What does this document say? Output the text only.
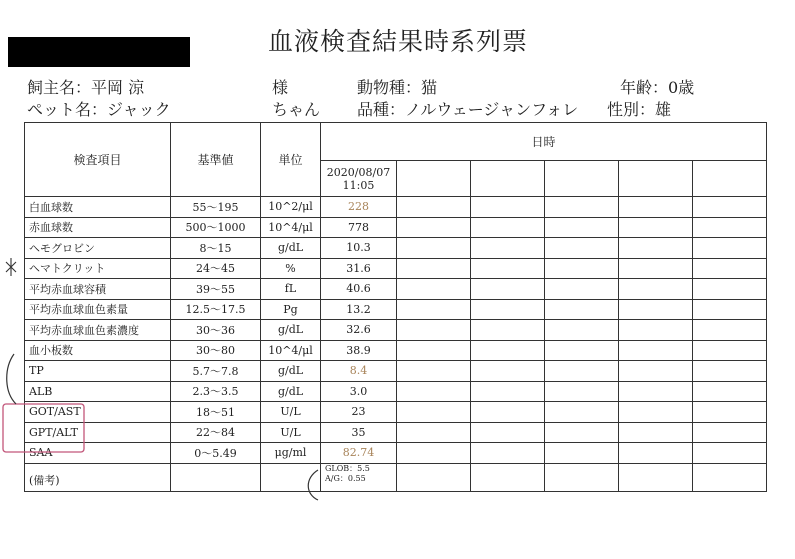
血液検査結果時系列票
飼主名：平岡 涼	様	動物種：猫	年齢：0歳
ペット名：ジャック	ちゃん 品種：ノルウェージャンフォレ 性別：雄
検査項目	基準値	単位	日時					

			2020/08/07
11:05					

白血球数	55～195	10^2/μl	228					
赤血球数	500～1000	10^4/μl	778					
ヘモグロビン	8～15	g/dL	10.3					
ヘマトクリット	24～45	%	31.6					
平均赤血球容積	39～55	fL	40.6					
平均赤血球血色素量	12.5～17.5	Pg	13.2					
平均赤血球血色素濃度	30～36	g/dL	32.6					
血小板数	30～80	10^4/μl	38.9					
TP	5.7～7.8	g/dL	8.4					
ALB	2.3～3.5	g/dL	3.0					
GOT/AST	18～51	U/L	23					
GPT/ALT	22～84	U/L	35					
SAA	0～5.49	μg/ml	82.74					
(備考)			GLOB：5.5
A/G：0.55					
